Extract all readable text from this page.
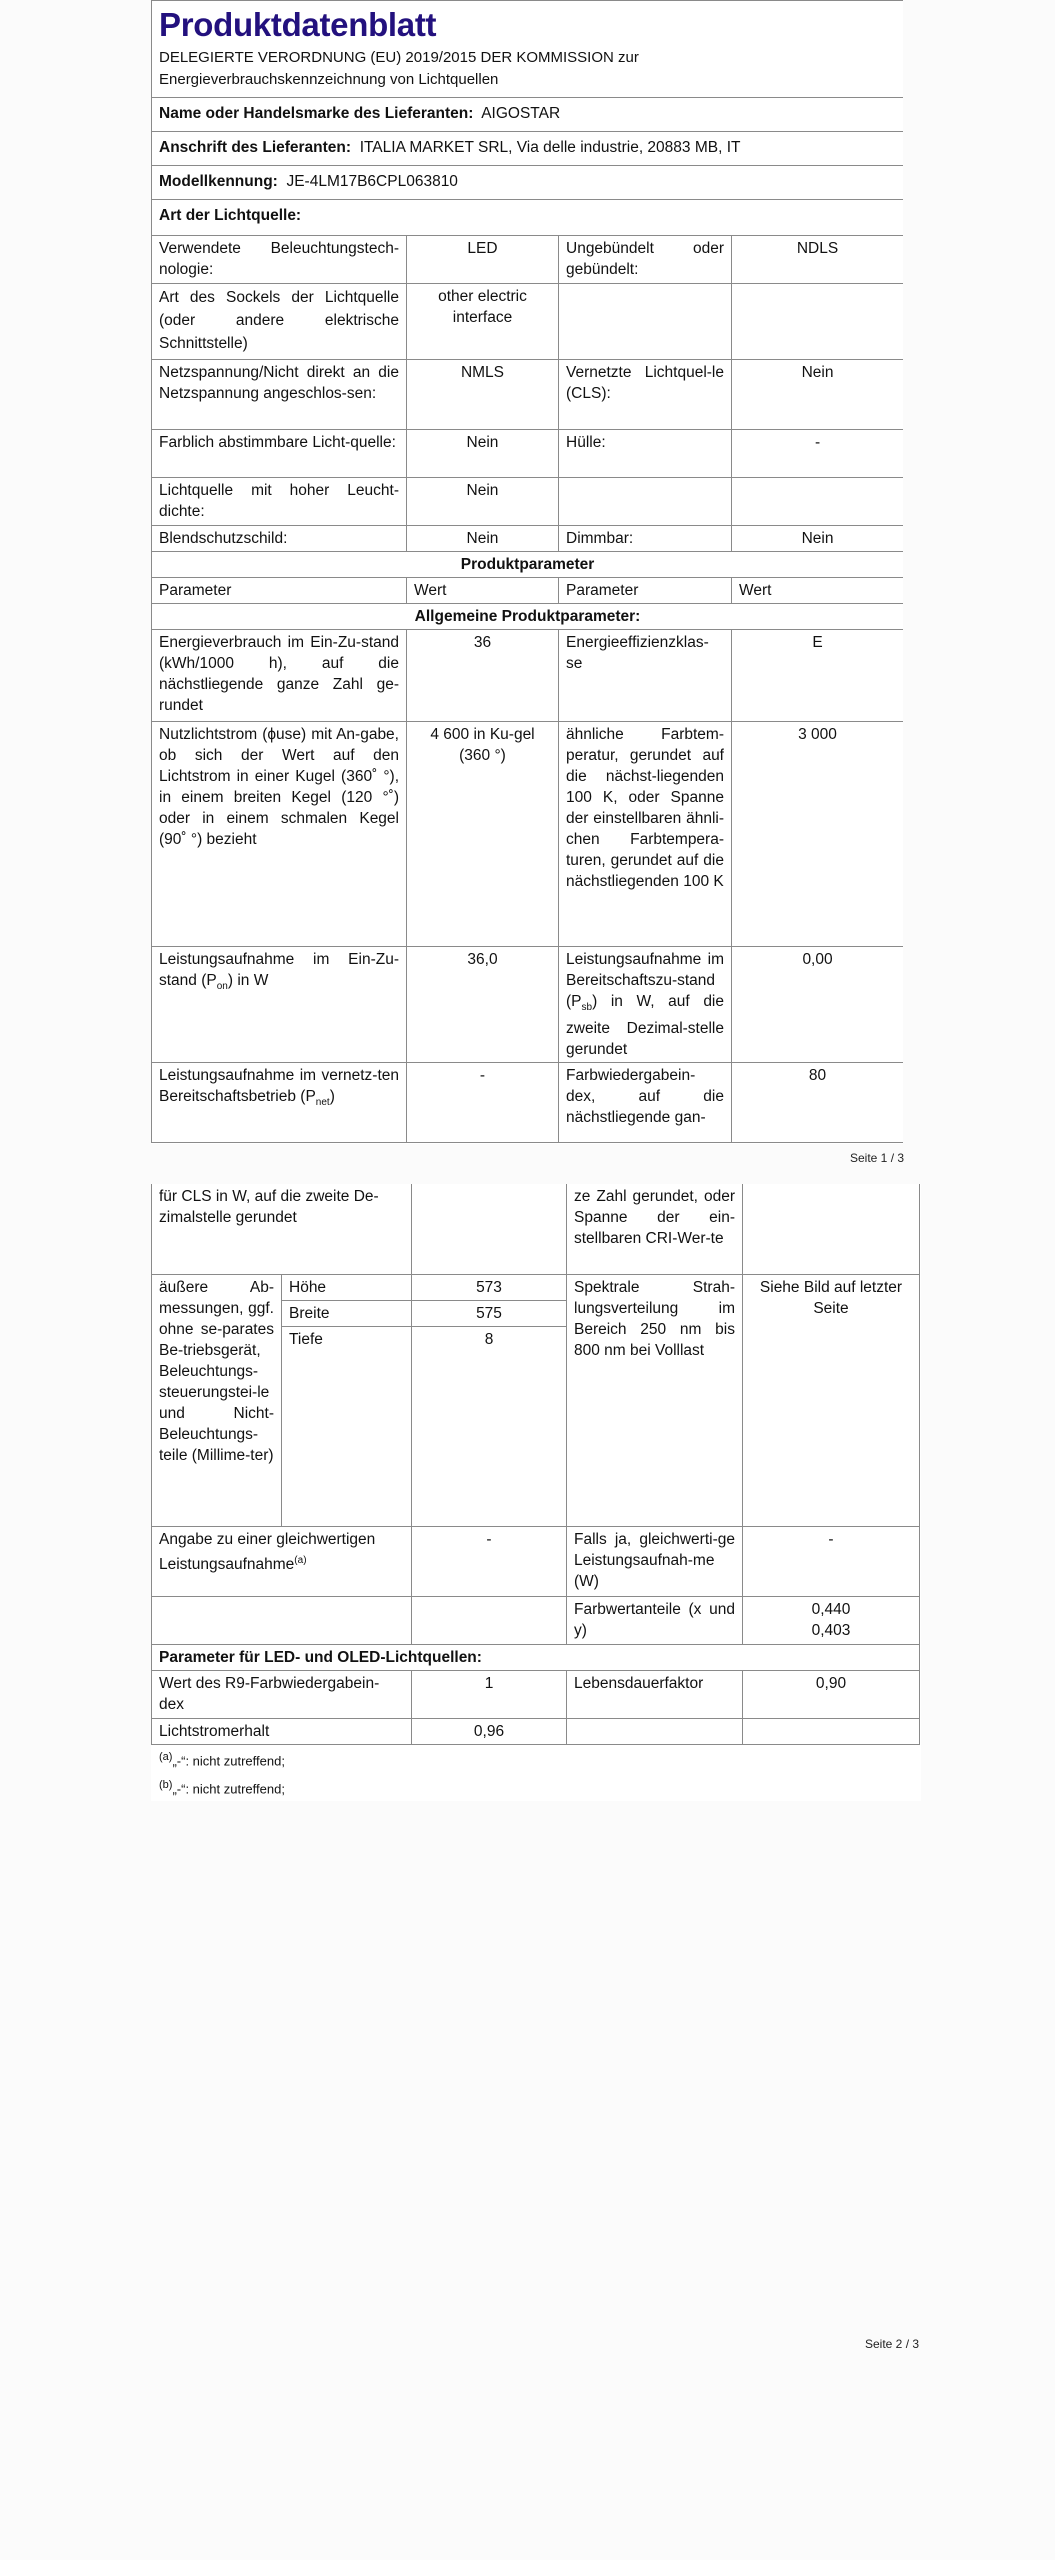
Produktdatenblatt
DELEGIERTE VERORDNUNG (EU) 2019/2015 DER KOMMISSION zur
Energieverbrauchskennzeichnung von Lichtquellen			

Name oder Handelsmarke des Lieferanten: AIGOSTAR			
Anschrift des Lieferanten: ITALIA MARKET SRL, Via delle industrie, 20883 MB, IT			
Modellkennung: JE-4LM17B6CPL063810			
Art der Lichtquelle:			
Verwendete Beleuchtungstech-nologie:	LED	Ungebündelt oder gebündelt:	NDLS
Art des Sockels der Lichtquelle (oder andere elektrische Schnittstelle)	other electric interface		
Netzspannung/Nicht direkt an die Netzspannung angeschlos-sen:	NMLS	Vernetzte Lichtquel-le (CLS):	Nein
Farblich abstimmbare Licht-quelle:	Nein	Hülle:	-
Lichtquelle mit hoher Leucht-dichte:	Nein		
Blendschutzschild:	Nein	Dimmbar:	Nein
Produktparameter			
Parameter	Wert	Parameter	Wert
Allgemeine Produktparameter:			
Energieverbrauch im Ein-Zu-stand (kWh/1000 h), auf die nächstliegende ganze Zahl ge-rundet	36	Energieeffizienzklas-se	E
Nutzlichtstrom (ϕuse) mit An-gabe, ob sich der Wert auf den Lichtstrom in einer Kugel (360˚ °), in einem breiten Kegel (120 °˚) oder in einem schmalen Kegel (90˚ °) bezieht	4 600 in Ku-gel (360 °)	ähnliche Farbtem-peratur, gerundet auf die nächst-liegenden 100 K, oder Spanne der einstellbaren ähnli-chen Farbtempera-turen, gerundet auf die nächstliegenden 100 K	3 000
Leistungsaufnahme im Ein-Zu-stand $(P_{on})$ in W	36,0	Leistungsaufnahme im Bereitschaftszu-stand $(P_{sb})$ in W, auf die zweite Dezimal-stelle gerundet	0,00
Leistungsaufnahme im vernetz-ten Bereitschaftsbetrieb $(P_{net})$	-	Farbwiedergabein-dex, auf die nächstliegende gan-	80
Seite 1 / 3
für CLS in W, auf die zweite De-zimalstelle gerundet			ze Zahl gerundet, oder Spanne der ein-stellbaren CRI-Wer-te	
äußere Ab-messungen, ggf. ohne se-parates Be-triebsgerät, Beleuchtungs-steuerungstei-le und Nicht-Beleuchtungs-teile (Millime-ter)	Höhe	573	Spektrale Strah-lungsverteilung im Bereich 250 nm bis 800 nm bei Volllast	Siehe Bild auf letzter Seite
	Breite	575		
	Tiefe	8		
Angabe zu einer gleichwertigen Leistungsaufnahme$^{(a)}$		-	Falls ja, gleichwerti-ge Leistungsaufnah-me (W)	-
			Farbwertanteile (x und y)	0,440
0,403
Parameter für LED- und OLED-Lichtquellen:				
Wert des R9-Farbwiedergabein-dex		1	Lebensdauerfaktor	0,90
Lichtstromerhalt		0,96		
$^{(a)}$„-“: nicht zutreffend;
$^{(b)}$„-“: nicht zutreffend;
Seite 2 / 3
